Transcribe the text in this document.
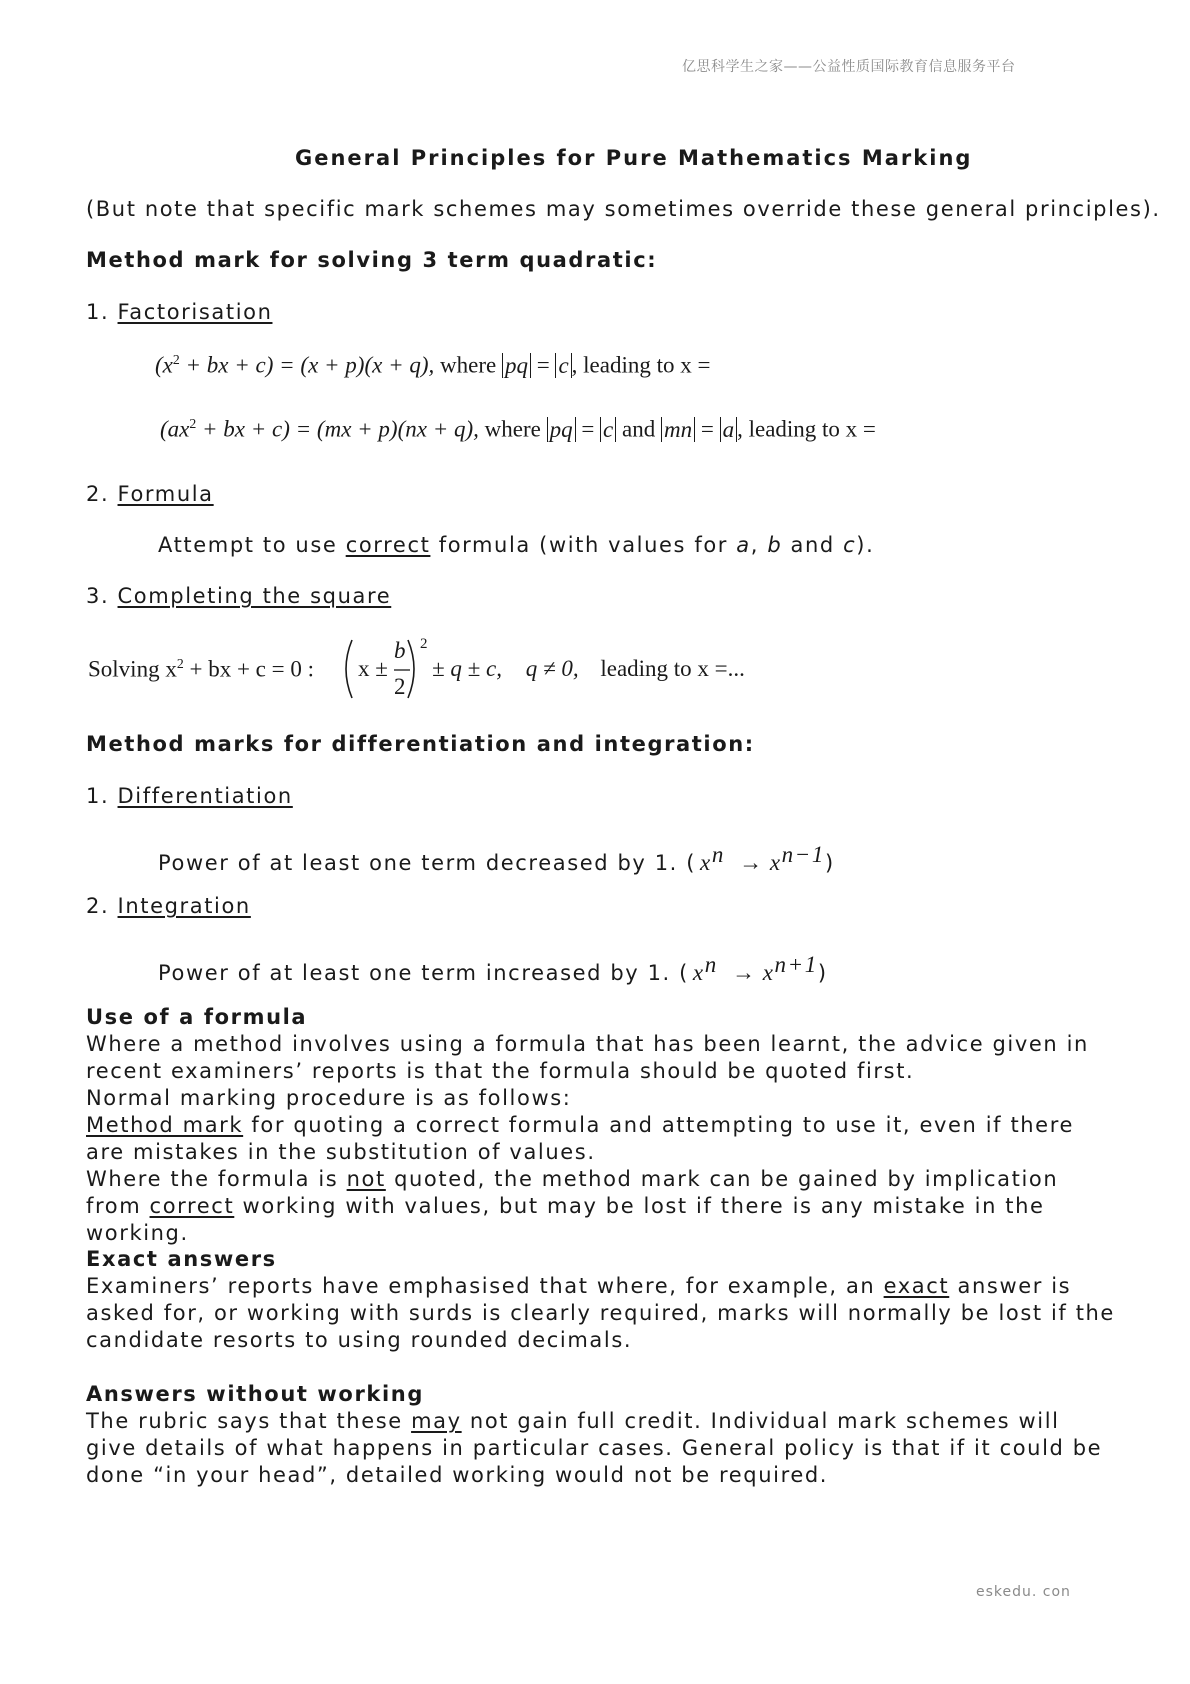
亿思科学生之家——公益性质国际教育信息服务平台
General Principles for Pure Mathematics Marking
(But note that specific mark schemes may sometimes override these general principles).
Method mark for solving 3 term quadratic:
1. Factorisation
($x^2$ + bx + c) = (x + p)(x + q), where pq = c , leading to x =
($ax^2$ + bx + c) = (mx + p)(nx + q), where pq = c and mn = a , leading to x =
2. Formula
Attempt to use correct formula (with values for a, b and c).
3. Completing the square
Solving $x^2$ + bx + c = 0 : x ±
b
2
2
± q ± c, q ≠ 0, leading to x =...
Method marks for differentiation and integration:
1. Differentiation
Power of at least one term decreased by 1. ( $x^n \to x^{n-1}$)
2. Integration
Power of at least one term increased by 1. ( $x^n \to x^{n+1}$)

Use of a formula

Where a method involves using a formula that has been learnt, the advice given in recent examiners’ reports is that the formula should be quoted first.

Normal marking procedure is as follows:

Method mark for quoting a correct formula and attempting to use it, even if there are mistakes in the substitution of values.

Where the formula is not quoted, the method mark can be gained by implication from correct working with values, but may be lost if there is any mistake in the working.

Exact answers

Examiners’ reports have emphasised that where, for example, an exact answer is asked for, or working with surds is clearly required, marks will normally be lost if the candidate resorts to using rounded decimals.

Answers without working

The rubric says that these may not gain full credit. Individual mark schemes will give details of what happens in particular cases. General policy is that if it could be done “in your head”, detailed working would not be required.

eskedu. con
